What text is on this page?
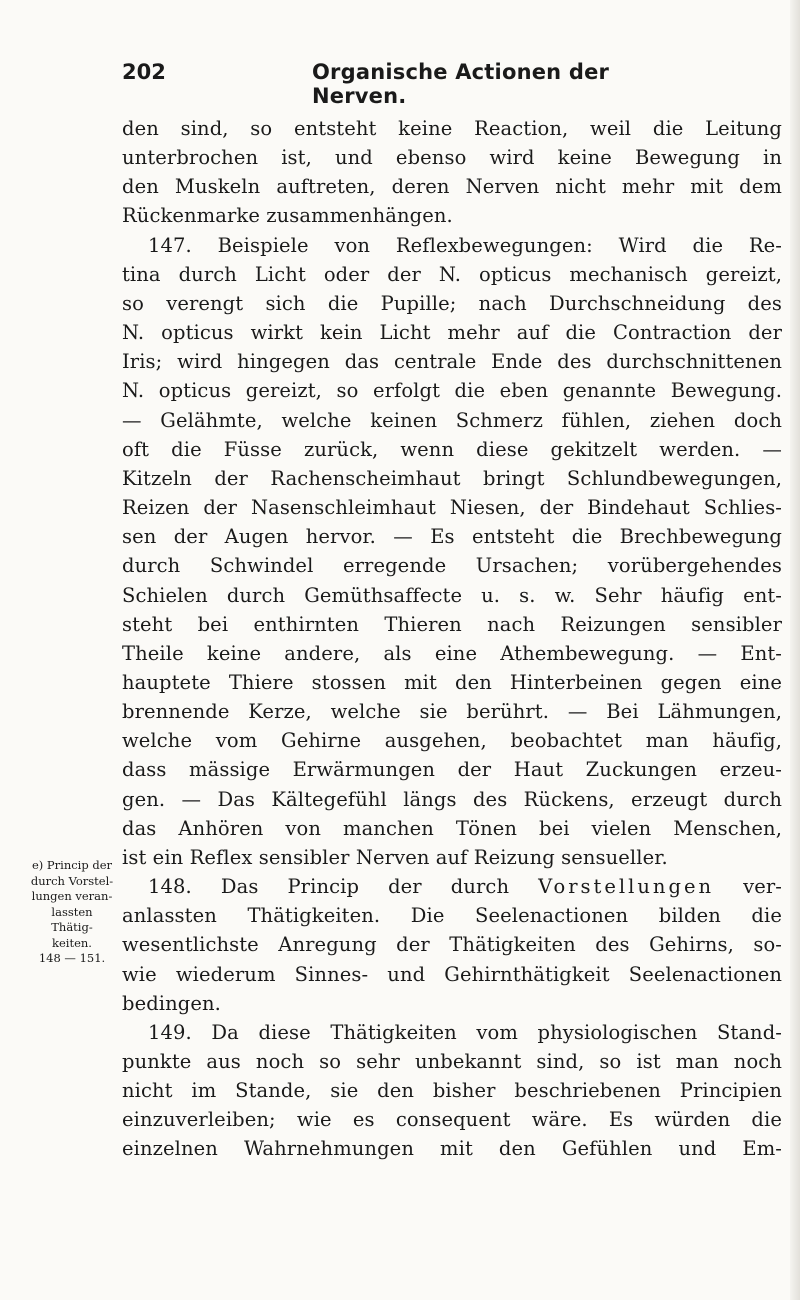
202	Organische Actionen der Nerven.
e) Princip der
durch Vorstel-
lungen veran-
lassten Thätig-
keiten.
148 — 151.
den sind, so entsteht keine Reaction, weil die Leitung
unterbrochen ist, und ebenso wird keine Bewegung in
den Muskeln auftreten, deren Nerven nicht mehr mit dem
Rückenmarke zusammenhängen.
147. Beispiele von Reflexbewegungen: Wird die Re-
tina durch Licht oder der N. opticus mechanisch gereizt,
so verengt sich die Pupille; nach Durchschneidung des
N. opticus wirkt kein Licht mehr auf die Contraction der
Iris; wird hingegen das centrale Ende des durchschnittenen
N. opticus gereizt, so erfolgt die eben genannte Bewegung.
— Gelähmte, welche keinen Schmerz fühlen, ziehen doch
oft die Füsse zurück, wenn diese gekitzelt werden. —
Kitzeln der Rachenscheimhaut bringt Schlundbewegungen,
Reizen der Nasenschleimhaut Niesen, der Bindehaut Schlies-
sen der Augen hervor. — Es entsteht die Brechbewegung
durch Schwindel erregende Ursachen; vorübergehendes
Schielen durch Gemüthsaffecte u. s. w. Sehr häufig ent-
steht bei enthirnten Thieren nach Reizungen sensibler
Theile keine andere, als eine Athembewegung. — Ent-
hauptete Thiere stossen mit den Hinterbeinen gegen eine
brennende Kerze, welche sie berührt. — Bei Lähmungen,
welche vom Gehirne ausgehen, beobachtet man häufig,
dass mässige Erwärmungen der Haut Zuckungen erzeu-
gen. — Das Kältegefühl längs des Rückens, erzeugt durch
das Anhören von manchen Tönen bei vielen Menschen,
ist ein Reflex sensibler Nerven auf Reizung sensueller.
148. Das Princip der durch Vorstellungen ver-
anlassten Thätigkeiten. Die Seelenactionen bilden die
wesentlichste Anregung der Thätigkeiten des Gehirns, so-
wie wiederum Sinnes- und Gehirnthätigkeit Seelenactionen
bedingen.
149. Da diese Thätigkeiten vom physiologischen Stand-
punkte aus noch so sehr unbekannt sind, so ist man noch
nicht im Stande, sie den bisher beschriebenen Principien
einzuverleiben; wie es consequent wäre. Es würden die
einzelnen Wahrnehmungen mit den Gefühlen und Em-
